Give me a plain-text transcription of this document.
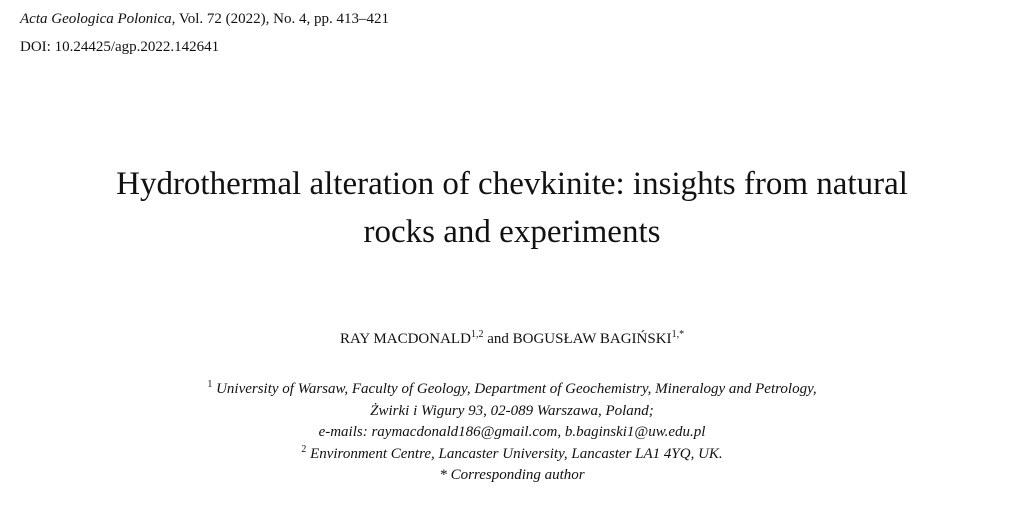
Acta Geologica Polonica, Vol. 72 (2022), No. 4, pp. 413–421
DOI: 10.24425/agp.2022.142641
Hydrothermal alteration of chevkinite: insights from natural
rocks and experiments
RAY MACDONALD$^{1,2}$ and BOGUSŁAW $BAGIŃSKI^{1,*}$
$^1$ University of Warsaw, Faculty of Geology, Department of Geochemistry, Mineralogy and Petrology,
Żwirki i Wigury 93, 02-089 Warszawa, Poland;
e-mails: raymacdonald186@gmail.com, b.baginski1@uw.edu.pl
$^2$ Environment Centre, Lancaster University, Lancaster LA1 4YQ, UK.
* Corresponding author
